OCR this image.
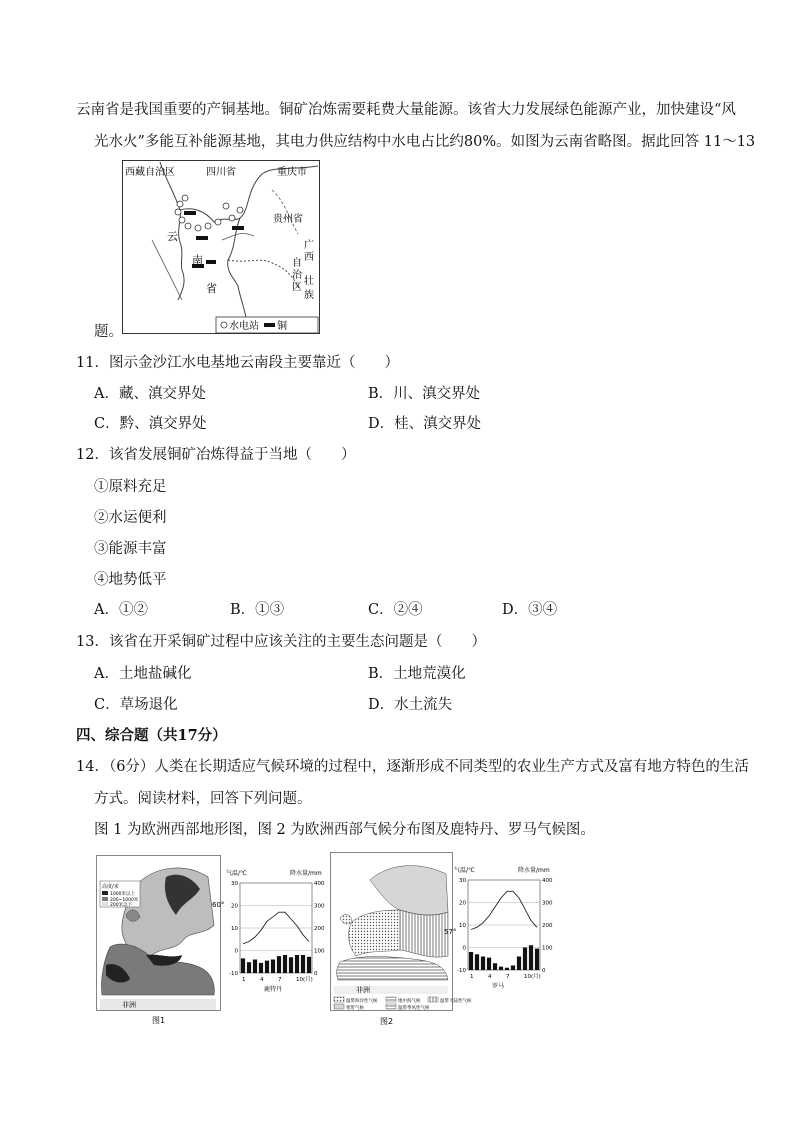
云南省是我国重要的产铜基地。铜矿冶炼需要耗费大量能源。该省大力发展绿色能源产业，加快建设“风
光水火”多能互补能源基地，其电力供应结构中水电占比约80%。如图为云南省略图。据此回答 11～13
题。
西藏自治区	四川省	重庆市
贵州省
云
南
省
广
西
壮
族
自
治
区
水电站 铜
11．图示金沙江水电基地云南段主要靠近（　　）
A．藏、滇交界处	B．川、滇交界处
C．黔、滇交界处	D．桂、滇交界处
12．该省发展铜矿冶炼得益于当地（　　）
①原料充足
②水运便利
③能源丰富
④地势低平
A．①②	B．①③	C．②④	D．③④
13．该省在开采铜矿过程中应该关注的主要生态问题是（　　）
A．土地盐碱化	B．土地荒漠化
C．草场退化	D．水土流失
四、综合题（共17分）
14．（6分）人类在长期适应气候环境的过程中，逐渐形成不同类型的农业生产方式及富有地方特色的生活
方式。阅读材料，回答下列问题。
图 1 为欧洲西部地形图，图 2 为欧洲西部气候分布图及鹿特丹、罗马气候图。
非洲
60°
高度/米
1000米以上
200~1000米
200米以下
气温/℃	降水量/mm
30	400
20	300
10	200
0	100
-10	0
1	4	7	10(月)
鹿特丹
图1
非洲
57°
温带海洋性气候	地中海气候	温带大陆性气候
寒带气候	温带季风性气候
气温/℃	降水量/mm
30	400
20	300
10	200
0	100
-10	0
1	4	7	10(月)
罗马
图2
